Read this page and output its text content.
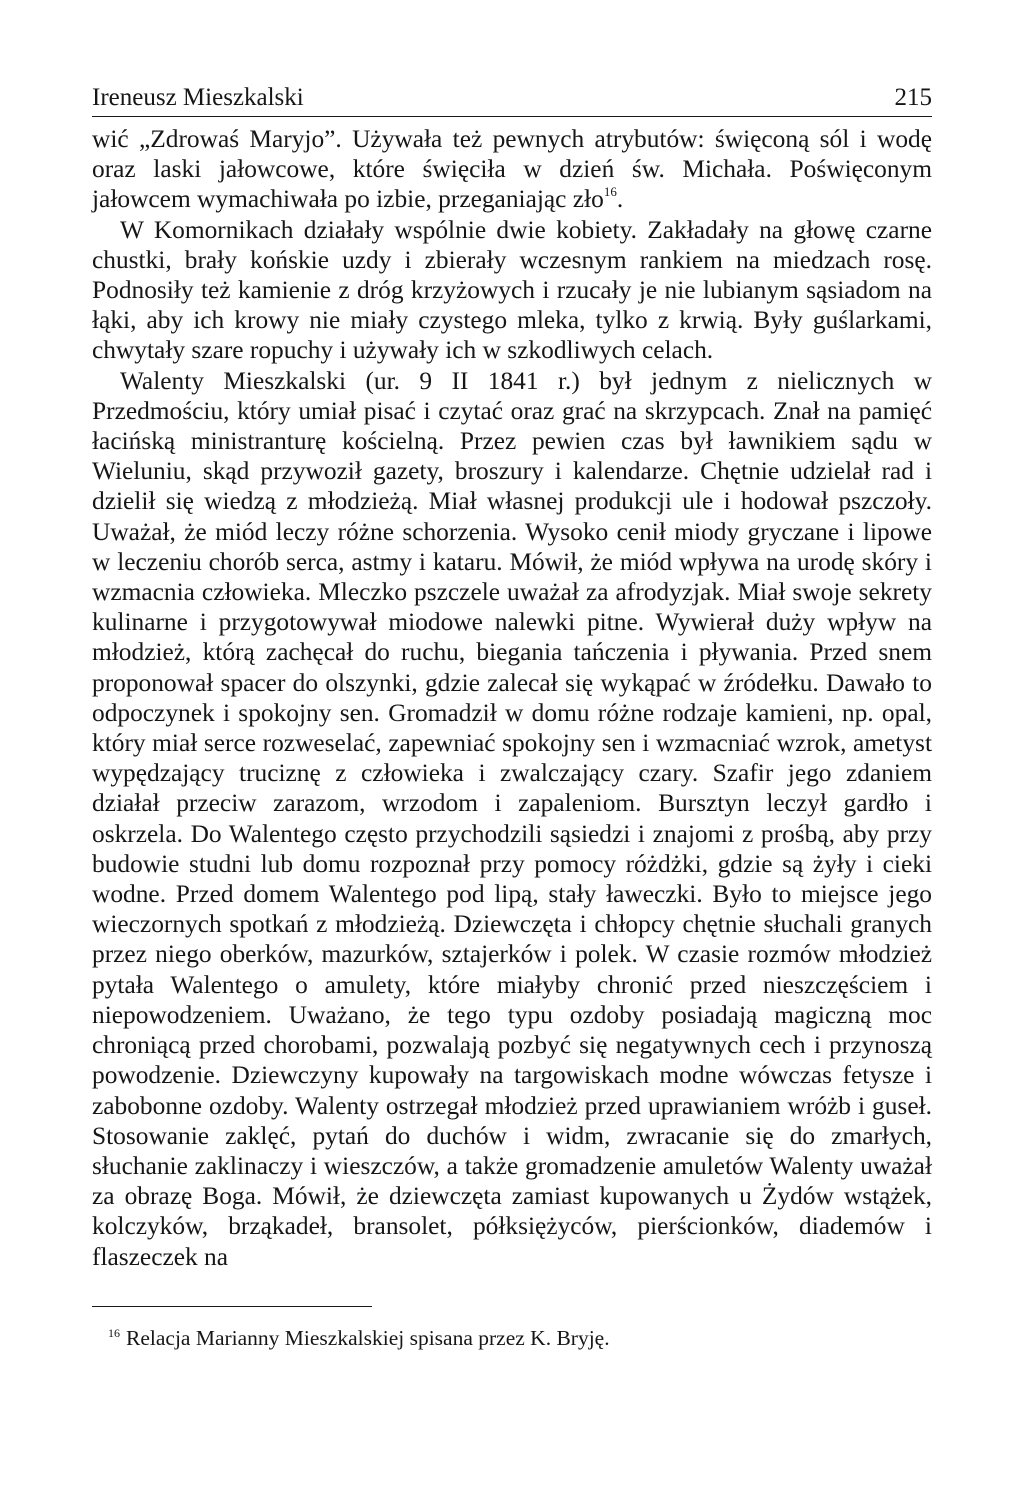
Ireneusz Mieszkalski	215

wić „Zdrowaś Maryjo”. Używała też pewnych atrybutów: święconą sól i wodę oraz laski jałowcowe, które święciła w dzień św. Michała. Poświęconym jałowcem wymachiwała po izbie, przeganiając zło$^{16}$.

W Komornikach działały wspólnie dwie kobiety. Zakładały na głowę czarne chustki, brały końskie uzdy i zbierały wczesnym rankiem na miedzach rosę. Podnosiły też kamienie z dróg krzyżowych i rzucały je nie lubianym sąsiadom na łąki, aby ich krowy nie miały czystego mleka, tylko z krwią. Były guślarkami, chwytały szare ropuchy i używały ich w szkodliwych celach.

Walenty Mieszkalski (ur. 9 II 1841 r.) był jednym z nielicznych w Przedmościu, który umiał pisać i czytać oraz grać na skrzypcach. Znał na pamięć łacińską ministranturę kościelną. Przez pewien czas był ławnikiem sądu w Wieluniu, skąd przywoził gazety, broszury i kalendarze. Chętnie udzielał rad i dzielił się wiedzą z młodzieżą. Miał własnej produkcji ule i hodował pszczoły. Uważał, że miód leczy różne schorzenia. Wysoko cenił miody gryczane i lipowe w leczeniu chorób serca, astmy i kataru. Mówił, że miód wpływa na urodę skóry i wzmacnia człowieka. Mleczko pszczele uważał za afrodyzjak. Miał swoje sekrety kulinarne i przygotowywał miodowe nalewki pitne. Wywierał duży wpływ na młodzież, którą zachęcał do ruchu, biegania tańczenia i pływania. Przed snem proponował spacer do olszynki, gdzie zalecał się wykąpać w źródełku. Dawało to odpoczynek i spokojny sen. Gromadził w domu różne rodzaje kamieni, np. opal, który miał serce rozweselać, zapewniać spokojny sen i wzmacniać wzrok, ametyst wypędzający truciznę z człowieka i zwalczający czary. Szafir jego zdaniem działał przeciw zarazom, wrzodom i zapaleniom. Bursztyn leczył gardło i oskrzela. Do Walentego często przychodzili sąsiedzi i znajomi z prośbą, aby przy budowie studni lub domu rozpoznał przy pomocy różdżki, gdzie są żyły i cieki wodne. Przed domem Walentego pod lipą, stały ławeczki. Było to miejsce jego wieczornych spotkań z młodzieżą. Dziewczęta i chłopcy chętnie słuchali granych przez niego oberków, mazurków, sztajerków i polek. W czasie rozmów młodzież pytała Walentego o amulety, które miałyby chronić przed nieszczęściem i niepowodzeniem. Uważano, że tego typu ozdoby posiadają magiczną moc chroniącą przed chorobami, pozwalają pozbyć się negatywnych cech i przynoszą powodzenie. Dziewczyny kupowały na targowiskach modne wówczas fetysze i zabobonne ozdoby. Walenty ostrzegał młodzież przed uprawianiem wróżb i guseł. Stosowanie zaklęć, pytań do duchów i widm, zwracanie się do zmarłych, słuchanie zaklinaczy i wieszczów, a także gromadzenie amuletów Walenty uważał za obrazę Boga. Mówił, że dziewczęta zamiast kupowanych u Żydów wstążek, kolczyków, brząkadeł, bransolet, półksiężyców, pierścionków, diademów i flaszeczek na

$^{16}$ Relacja Marianny Mieszkalskiej spisana przez K. Bryję.
